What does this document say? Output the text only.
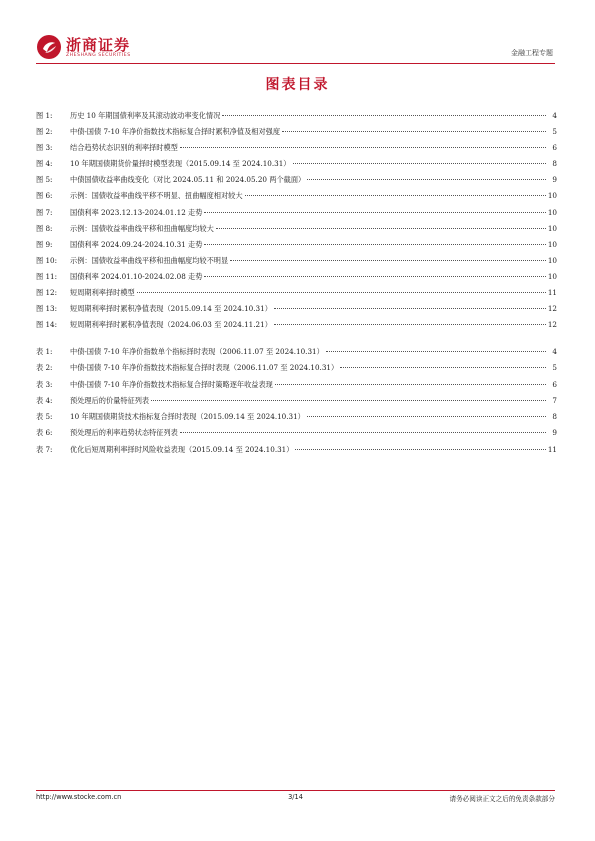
浙商证券
ZHESHANG SECURITIES	金融工程专题
图表目录
图 1:	历史 10 年期国债利率及其滚动波动率变化情况	4
图 2:	中债-国债 7-10 年净价指数技术指标复合择时累积净值及相对强度	5
图 3:	结合趋势状态识别的利率择时模型	6
图 4:	10 年期国债期货价量择时模型表现（2015.09.14 至 2024.10.31）	8
图 5:	中债国债收益率曲线变化（对比 2024.05.11 和 2024.05.20 两个截面）	9
图 6:	示例：国债收益率曲线平移不明显、扭曲幅度相对较大	10
图 7:	国债利率 2023.12.13-2024.01.12 走势	10
图 8:	示例：国债收益率曲线平移和扭曲幅度均较大	10
图 9:	国债利率 2024.09.24-2024.10.31 走势	10
图 10:	示例：国债收益率曲线平移和扭曲幅度均较不明显	10
图 11:	国债利率 2024.01.10-2024.02.08 走势	10
图 12:	短周期利率择时模型	11
图 13:	短周期利率择时累积净值表现（2015.09.14 至 2024.10.31）	12
图 14:	短周期利率择时累积净值表现（2024.06.03 至 2024.11.21）	12
表 1:	中债-国债 7-10 年净价指数单个指标择时表现（2006.11.07 至 2024.10.31）	4
表 2:	中债-国债 7-10 年净价指数技术指标复合择时表现（2006.11.07 至 2024.10.31）	5
表 3:	中债-国债 7-10 年净价指数技术指标复合择时策略逐年收益表现	6
表 4:	预处理后的价量特征列表	7
表 5:	10 年期国债期货技术指标复合择时表现（2015.09.14 至 2024.10.31）	8
表 6:	预处理后的利率趋势状态特征列表	9
表 7:	优化后短周期利率择时风险收益表现（2015.09.14 至 2024.10.31）	11
http://www.stocke.com.cn	3/14	请务必阅读正文之后的免责条款部分
